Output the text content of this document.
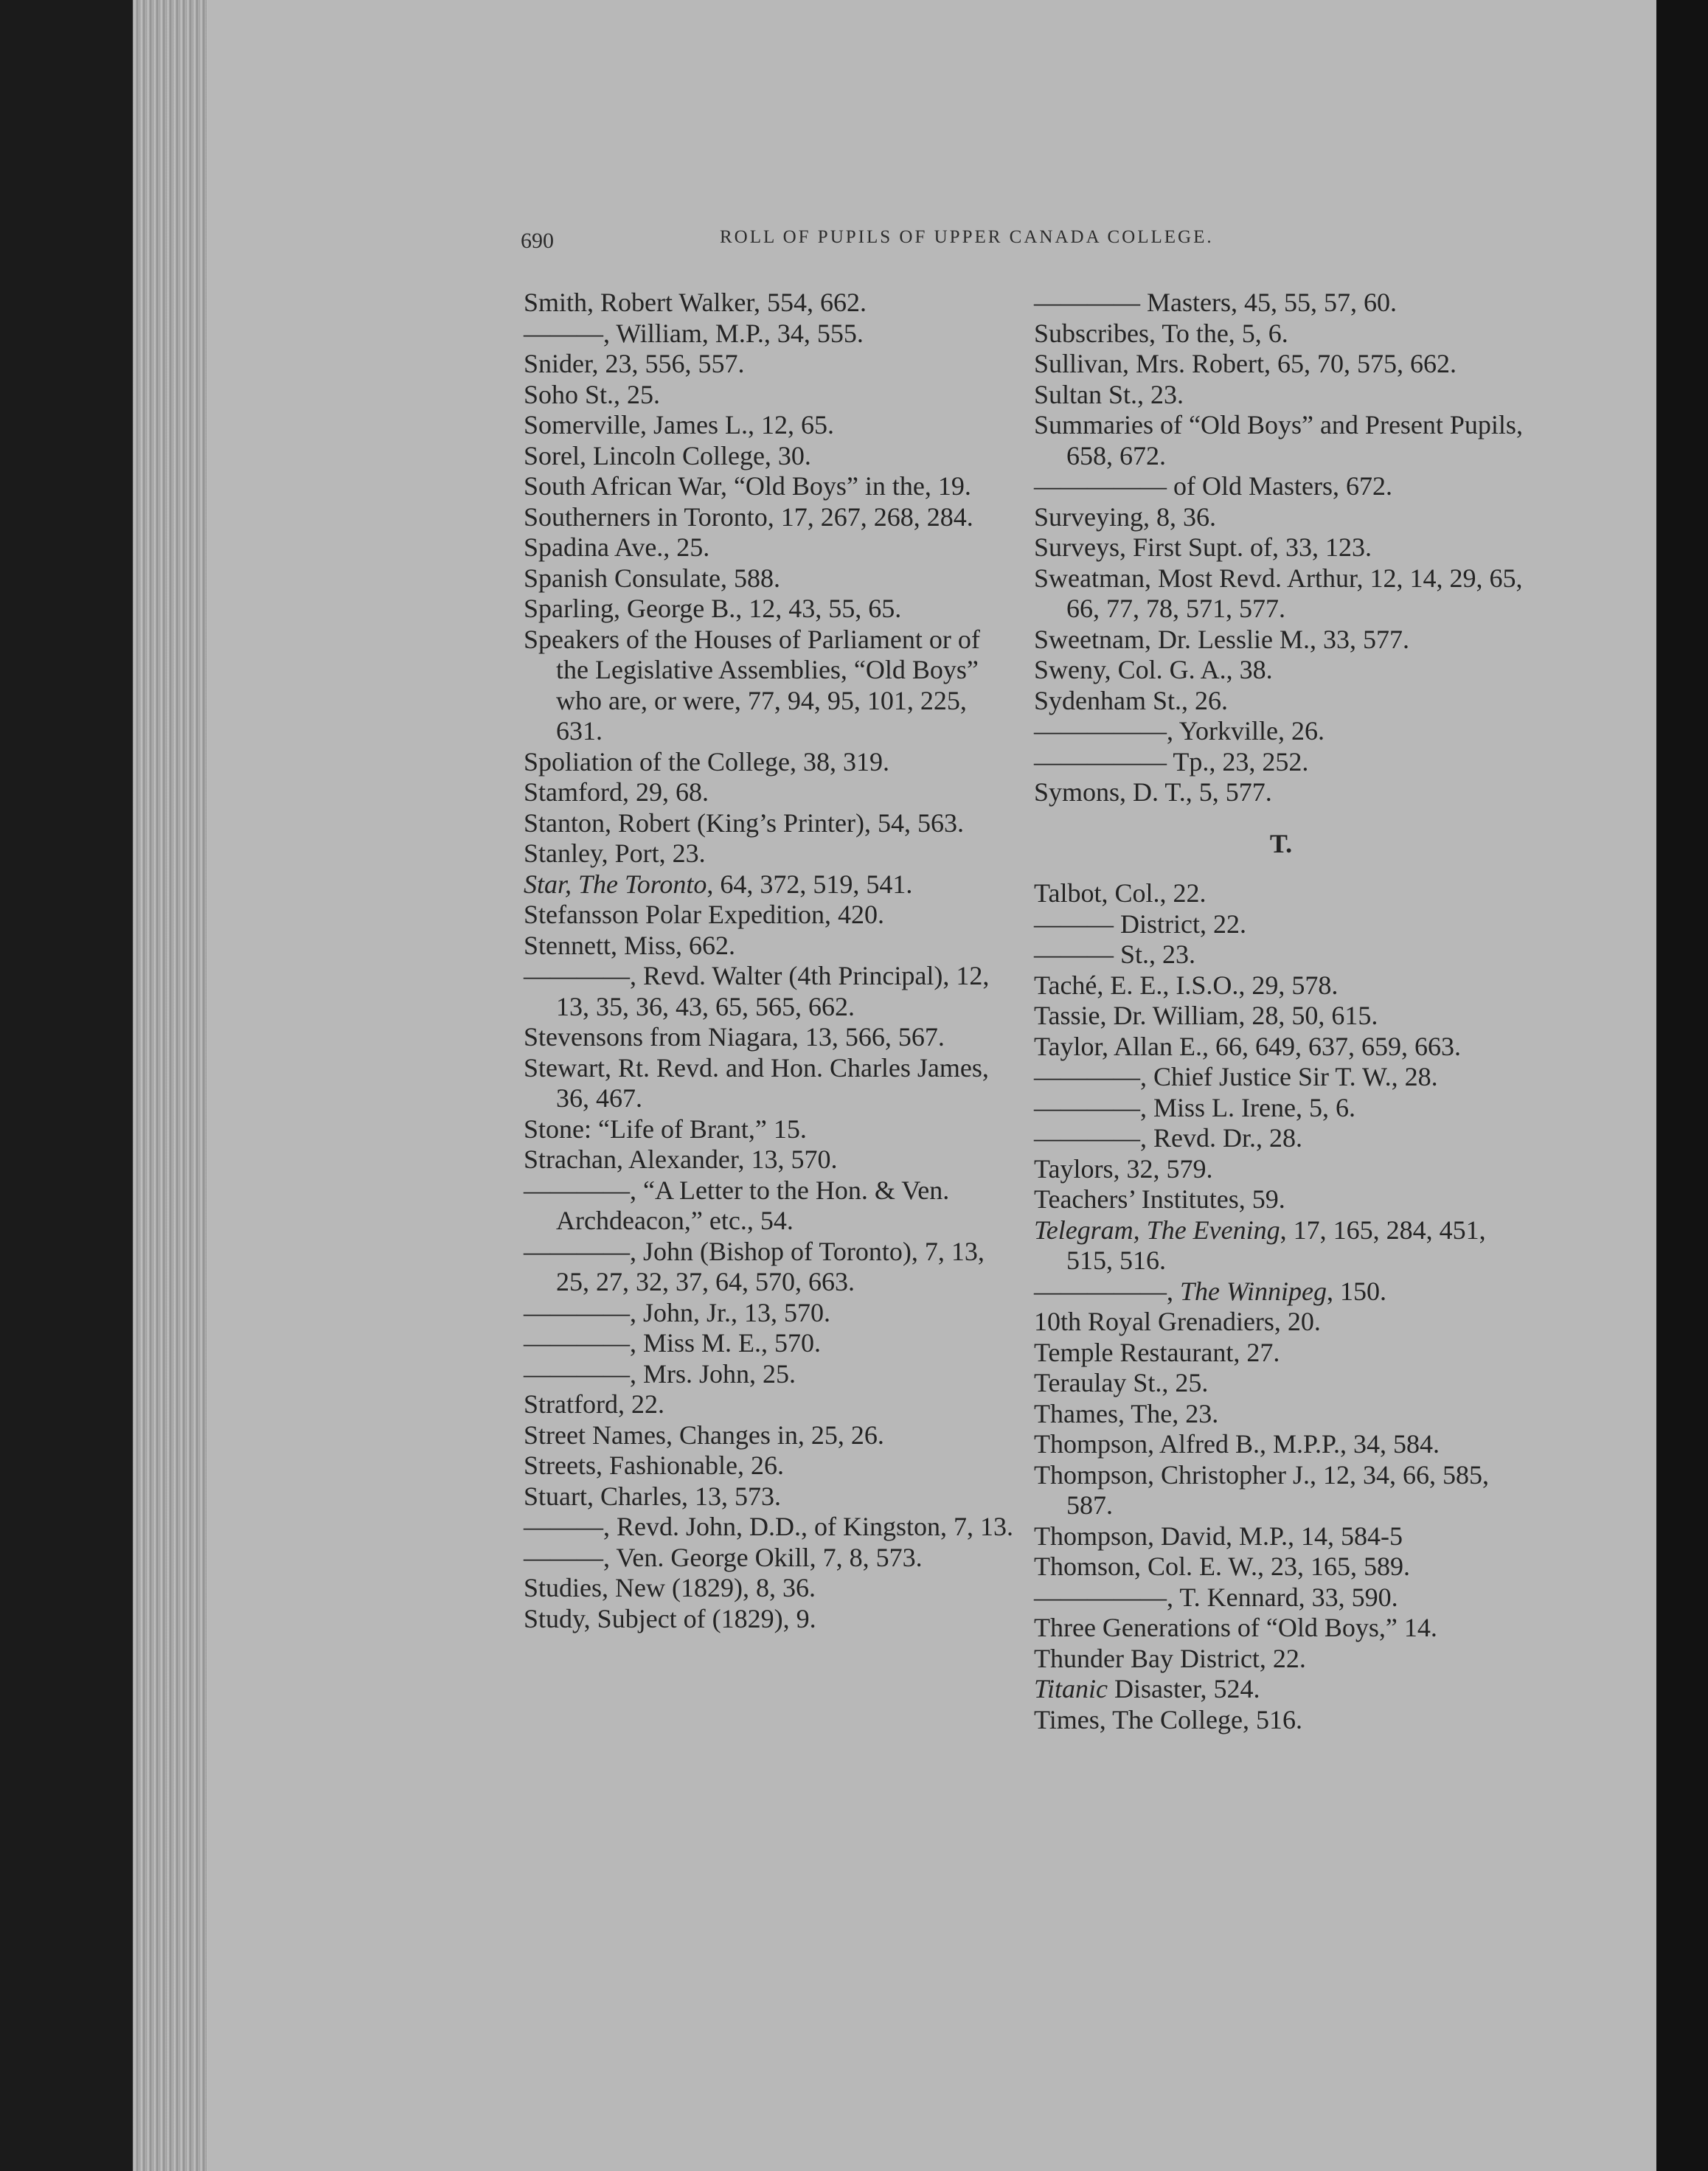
690	ROLL OF PUPILS OF UPPER CANADA COLLEGE.
Smith, Robert Walker, 554, 662.
———, William, M.P., 34, 555.
Snider, 23, 556, 557.
Soho St., 25.
Somerville, James L., 12, 65.
Sorel, Lincoln College, 30.
South African War, “Old Boys” in the, 19.
Southerners in Toronto, 17, 267, 268, 284.
Spadina Ave., 25.
Spanish Consulate, 588.
Sparling, George B., 12, 43, 55, 65.
Speakers of the Houses of Parliament or of the Legislative Assemblies, “Old Boys” who are, or were, 77, 94, 95, 101, 225, 631.
Spoliation of the College, 38, 319.
Stamford, 29, 68.
Stanton, Robert (King’s Printer), 54, 563.
Stanley, Port, 23.
Star, The Toronto, 64, 372, 519, 541.
Stefansson Polar Expedition, 420.
Stennett, Miss, 662.
————, Revd. Walter (4th Principal), 12, 13, 35, 36, 43, 65, 565, 662.
Stevensons from Niagara, 13, 566, 567.
Stewart, Rt. Revd. and Hon. Charles James, 36, 467.
Stone: “Life of Brant,” 15.
Strachan, Alexander, 13, 570.
————, “A Letter to the Hon. & Ven. Archdeacon,” etc., 54.
————, John (Bishop of Toronto), 7, 13, 25, 27, 32, 37, 64, 570, 663.
————, John, Jr., 13, 570.
————, Miss M. E., 570.
————, Mrs. John, 25.
Stratford, 22.
Street Names, Changes in, 25, 26.
Streets, Fashionable, 26.
Stuart, Charles, 13, 573.
———, Revd. John, D.D., of Kingston, 7, 13.
———, Ven. George Okill, 7, 8, 573.
Studies, New (1829), 8, 36.
Study, Subject of (1829), 9.
———— Masters, 45, 55, 57, 60.
Subscribes, To the, 5, 6.
Sullivan, Mrs. Robert, 65, 70, 575, 662.
Sultan St., 23.
Summaries of “Old Boys” and Present Pupils, 658, 672.
————— of Old Masters, 672.
Surveying, 8, 36.
Surveys, First Supt. of, 33, 123.
Sweatman, Most Revd. Arthur, 12, 14, 29, 65, 66, 77, 78, 571, 577.
Sweetnam, Dr. Lesslie M., 33, 577.
Sweny, Col. G. A., 38.
Sydenham St., 26.
—————, Yorkville, 26.
————— Tp., 23, 252.
Symons, D. T., 5, 577.
T.
Talbot, Col., 22.
——— District, 22.
——— St., 23.
Taché, E. E., I.S.O., 29, 578.
Tassie, Dr. William, 28, 50, 615.
Taylor, Allan E., 66, 649, 637, 659, 663.
————, Chief Justice Sir T. W., 28.
————, Miss L. Irene, 5, 6.
————, Revd. Dr., 28.
Taylors, 32, 579.
Teachers’ Institutes, 59.
Telegram, The Evening, 17, 165, 284, 451, 515, 516.
—————, The Winnipeg, 150.
10th Royal Grenadiers, 20.
Temple Restaurant, 27.
Teraulay St., 25.
Thames, The, 23.
Thompson, Alfred B., M.P.P., 34, 584.
Thompson, Christopher J., 12, 34, 66, 585, 587.
Thompson, David, M.P., 14, 584-5
Thomson, Col. E. W., 23, 165, 589.
—————, T. Kennard, 33, 590.
Three Generations of “Old Boys,” 14.
Thunder Bay District, 22.
Titanic Disaster, 524.
Times, The College, 516.
